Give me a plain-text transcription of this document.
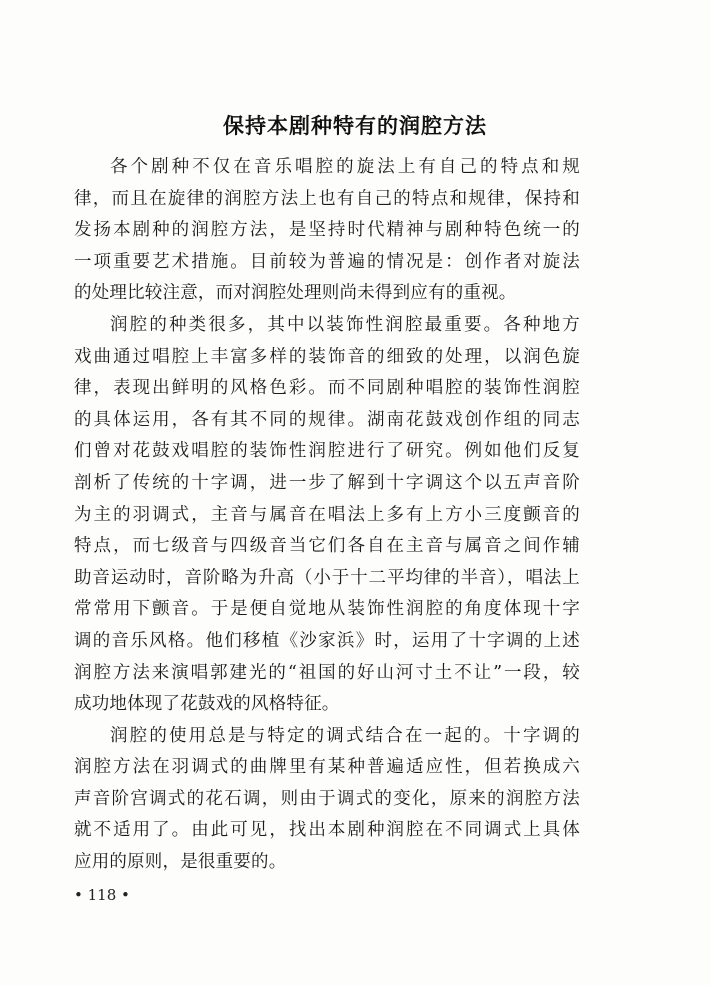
保持本剧种特有的润腔方法
各个剧种不仅在音乐唱腔的旋法上有自己的特点和规
律，而且在旋律的润腔方法上也有自己的特点和规律，保持和
发扬本剧种的润腔方法，是坚持时代精神与剧种特色统一的
一项重要艺术措施。目前较为普遍的情况是：创作者对旋法
的处理比较注意，而对润腔处理则尚未得到应有的重视。
润腔的种类很多，其中以装饰性润腔最重要。各种地方
戏曲通过唱腔上丰富多样的装饰音的细致的处理，以润色旋
律，表现出鲜明的风格色彩。而不同剧种唱腔的装饰性润腔
的具体运用，各有其不同的规律。湖南花鼓戏创作组的同志
们曾对花鼓戏唱腔的装饰性润腔进行了研究。例如他们反复
剖析了传统的十字调，进一步了解到十字调这个以五声音阶
为主的羽调式，主音与属音在唱法上多有上方小三度颤音的
特点，而七级音与四级音当它们各自在主音与属音之间作辅
助音运动时，音阶略为升高（小于十二平均律的半音），唱法上
常常用下颤音。于是便自觉地从装饰性润腔的角度体现十字
调的音乐风格。他们移植《沙家浜》时，运用了十字调的上述
润腔方法来演唱郭建光的“祖国的好山河寸土不让”一段，较
成功地体现了花鼓戏的风格特征。
润腔的使用总是与特定的调式结合在一起的。十字调的
润腔方法在羽调式的曲牌里有某种普遍适应性，但若换成六
声音阶宫调式的花石调，则由于调式的变化，原来的润腔方法
就不适用了。由此可见，找出本剧种润腔在不同调式上具体
应用的原则，是很重要的。
• 118 •
